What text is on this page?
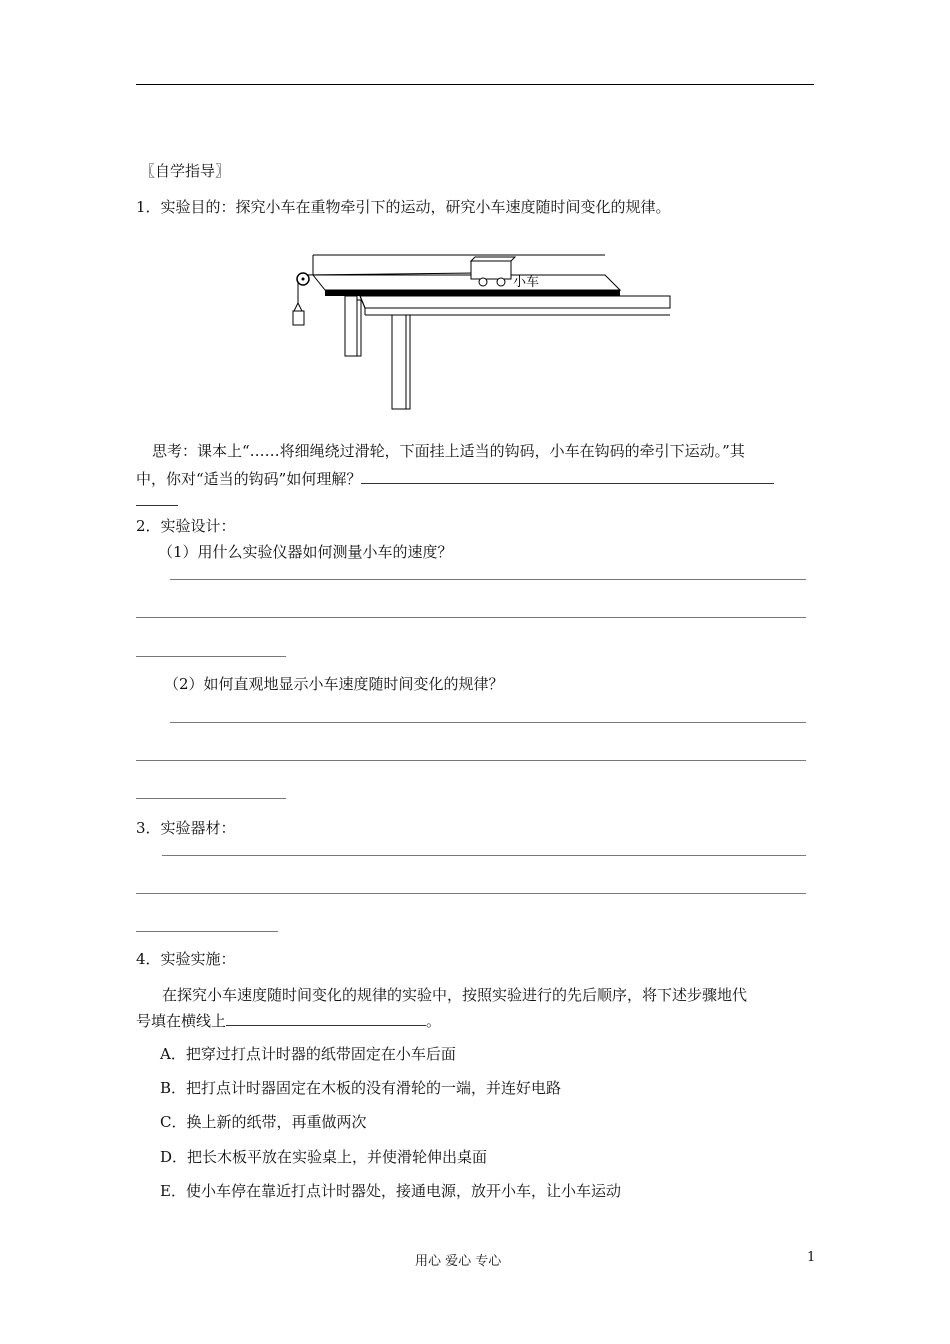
〖自学指导〗
1．实验目的：探究小车在重物牵引下的运动，研究小车速度随时间变化的规律。
小车
思考：课本上“……将细绳绕过滑轮，下面挂上适当的钩码，小车在钩码的牵引下运动。”其
中，你对“适当的钩码”如何理解？
2．实验设计：
（1）用什么实验仪器如何测量小车的速度？
（2）如何直观地显示小车速度随时间变化的规律？
3．实验器材：
4．实验实施：
在探究小车速度随时间变化的规律的实验中，按照实验进行的先后顺序，将下述步骤地代
号填在横线上	。
A．把穿过打点计时器的纸带固定在小车后面
B．把打点计时器固定在木板的没有滑轮的一端，并连好电路
C．换上新的纸带，再重做两次
D．把长木板平放在实验桌上，并使滑轮伸出桌面
E．使小车停在靠近打点计时器处，接通电源，放开小车，让小车运动
用心 爱心 专心	1
